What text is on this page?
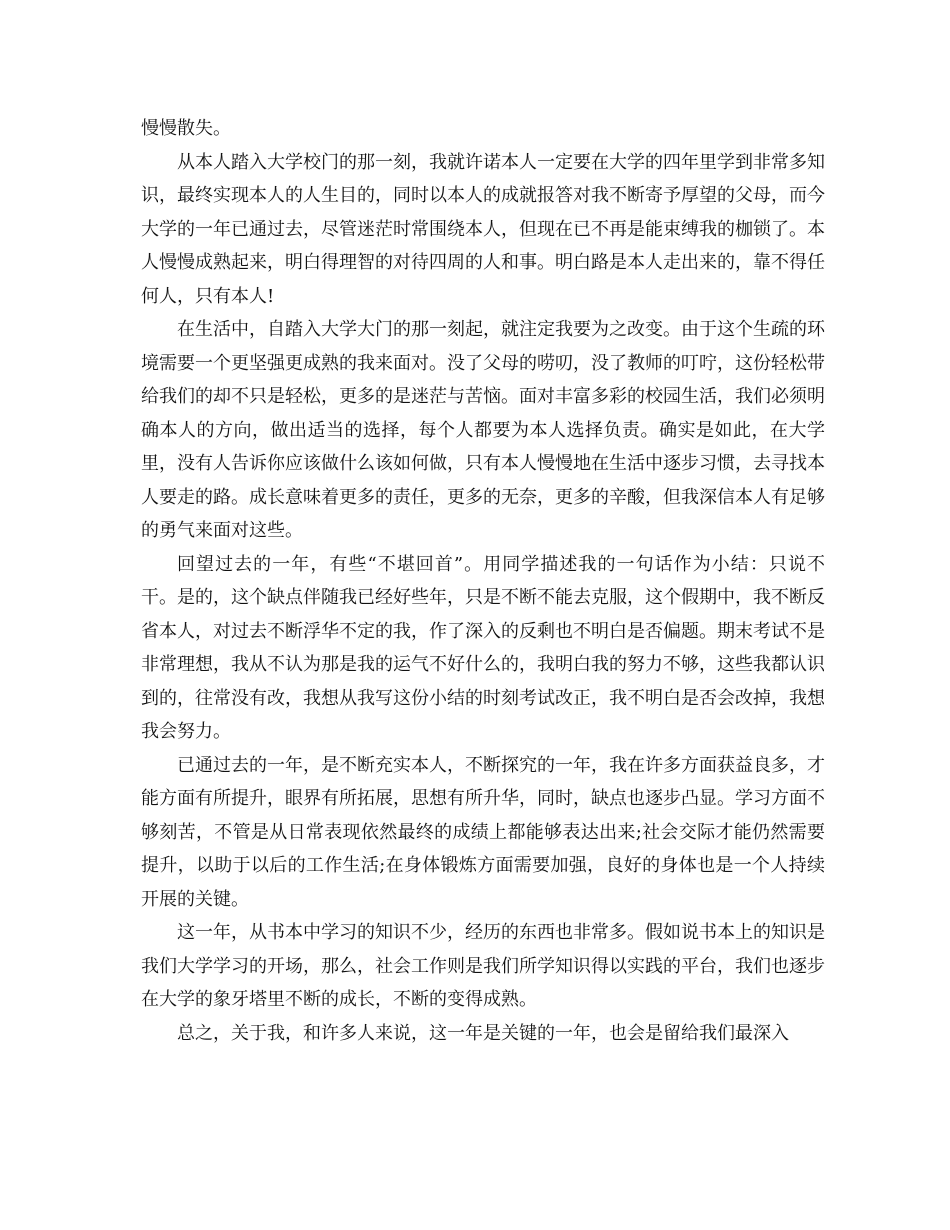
慢慢散失。

从本人踏入大学校门的那一刻，我就许诺本人一定要在大学的四年里学到非常多知识，最终实现本人的人生目的，同时以本人的成就报答对我不断寄予厚望的父母，而今大学的一年已通过去，尽管迷茫时常围绕本人，但现在已不再是能束缚我的枷锁了。本人慢慢成熟起来，明白得理智的对待四周的人和事。明白路是本人走出来的，靠不得任何人，只有本人!

在生活中，自踏入大学大门的那一刻起，就注定我要为之改变。由于这个生疏的环境需要一个更坚强更成熟的我来面对。没了父母的唠叨，没了教师的叮咛，这份轻松带给我们的却不只是轻松，更多的是迷茫与苦恼。面对丰富多彩的校园生活，我们必须明确本人的方向，做出适当的选择，每个人都要为本人选择负责。确实是如此，在大学里，没有人告诉你应该做什么该如何做，只有本人慢慢地在生活中逐步习惯，去寻找本人要走的路。成长意味着更多的责任，更多的无奈，更多的辛酸，但我深信本人有足够的勇气来面对这些。

回望过去的一年，有些“不堪回首”。用同学描述我的一句话作为小结：只说不干。是的，这个缺点伴随我已经好些年，只是不断不能去克服，这个假期中，我不断反省本人，对过去不断浮华不定的我，作了深入的反剩也不明白是否偏题。期末考试不是非常理想，我从不认为那是我的运气不好什么的，我明白我的努力不够，这些我都认识到的，往常没有改，我想从我写这份小结的时刻考试改正，我不明白是否会改掉，我想我会努力。

已通过去的一年，是不断充实本人，不断探究的一年，我在许多方面获益良多，才能方面有所提升，眼界有所拓展，思想有所升华，同时，缺点也逐步凸显。学习方面不够刻苦，不管是从日常表现依然最终的成绩上都能够表达出来;社会交际才能仍然需要提升，以助于以后的工作生活;在身体锻炼方面需要加强，良好的身体也是一个人持续开展的关键。

这一年，从书本中学习的知识不少，经历的东西也非常多。假如说书本上的知识是我们大学学习的开场，那么，社会工作则是我们所学知识得以实践的平台，我们也逐步在大学的象牙塔里不断的成长，不断的变得成熟。

总之，关于我，和许多人来说，这一年是关键的一年，也会是留给我们最深入
